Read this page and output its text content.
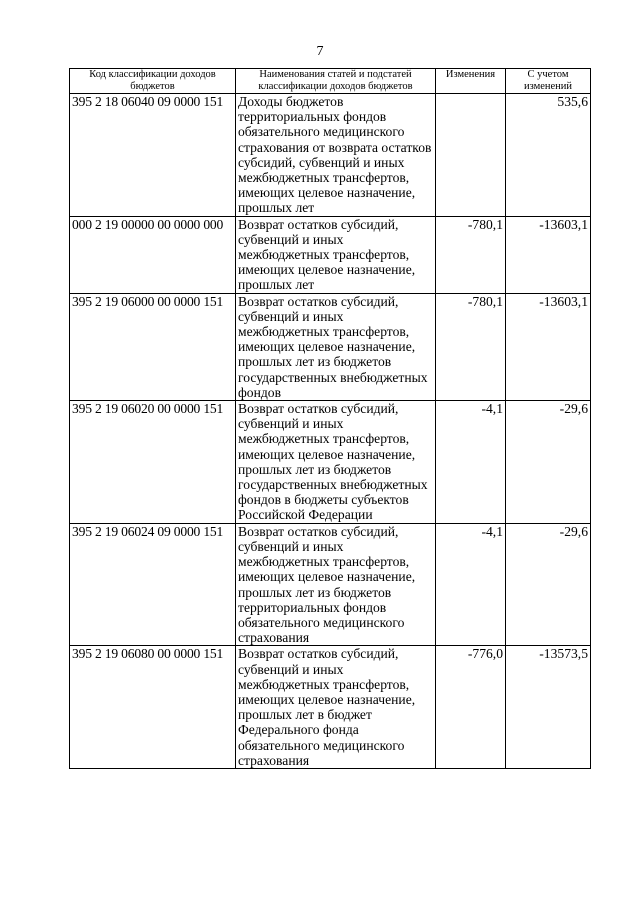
7
Код классификации доходов бюджетов	Наименования статей и подстатей классификации доходов бюджетов	Изменения	С учетом изменений
395 2 18 06040 09 0000 151	Доходы бюджетов территориальных фондов обязательного медицинского страхования от возврата остатков субсидий, субвенций и иных межбюджетных трансфертов, имеющих целевое назначение, прошлых лет		535,6
000 2 19 00000 00 0000 000	Возврат остатков субсидий, субвенций и иных межбюджетных трансфертов, имеющих целевое назначение, прошлых лет	-780,1	-13603,1
395 2 19 06000 00 0000 151	Возврат остатков субсидий, субвенций и иных межбюджетных трансфертов, имеющих целевое назначение, прошлых лет из бюджетов государственных внебюджетных фондов	-780,1	-13603,1
395 2 19 06020 00 0000 151	Возврат остатков субсидий, субвенций и иных межбюджетных трансфертов, имеющих целевое назначение, прошлых лет из бюджетов государственных внебюджетных фондов в бюджеты субъектов Российской Федерации	-4,1	-29,6
395 2 19 06024 09 0000 151	Возврат остатков субсидий, субвенций и иных межбюджетных трансфертов, имеющих целевое назначение, прошлых лет из бюджетов территориальных фондов обязательного медицинского страхования	-4,1	-29,6
395 2 19 06080 00 0000 151	Возврат остатков субсидий, субвенций и иных межбюджетных трансфертов, имеющих целевое назначение, прошлых лет в бюджет Федерального фонда обязательного медицинского страхования	-776,0	-13573,5
